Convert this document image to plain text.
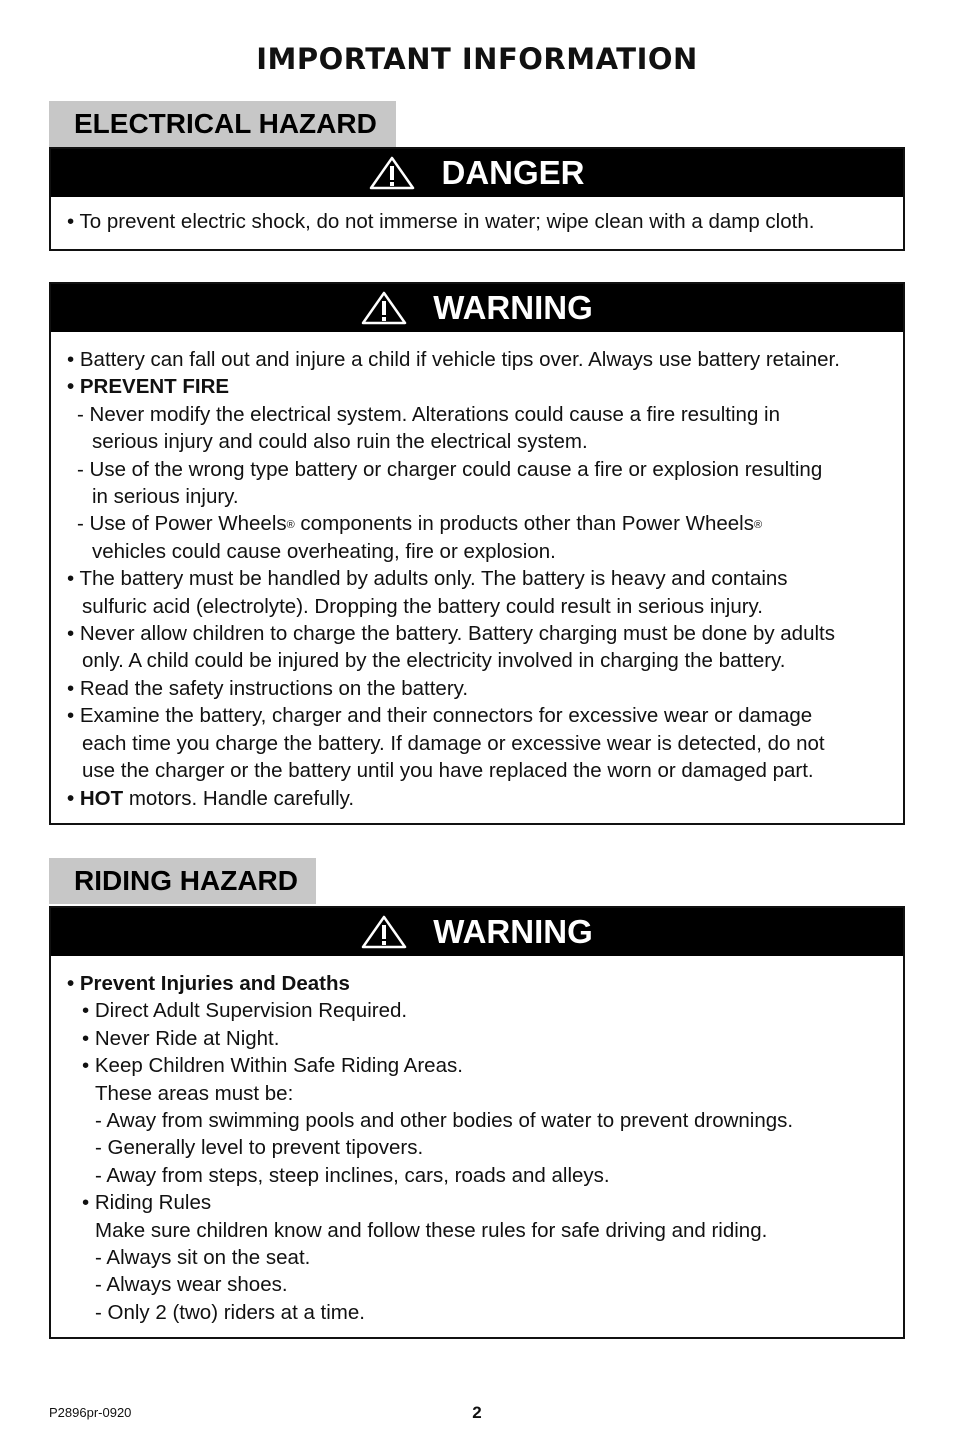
IMPORTANT INFORMATION
ELECTRICAL HAZARD
DANGER
• To prevent electric shock, do not immerse in water; wipe clean with a damp cloth.
WARNING
• Battery can fall out and injure a child if vehicle tips over. Always use battery retainer.
• PREVENT FIRE
- Never modify the electrical system. Alterations could cause a fire resulting in
serious injury and could also ruin the electrical system.
- Use of the wrong type battery or charger could cause a fire or explosion resulting
in serious injury.
- Use of Power Wheels® components in products other than Power Wheels®
vehicles could cause overheating, fire or explosion.
• The battery must be handled by adults only. The battery is heavy and contains
sulfuric acid (electrolyte). Dropping the battery could result in serious injury.
• Never allow children to charge the battery. Battery charging must be done by adults
only. A child could be injured by the electricity involved in charging the battery.
• Read the safety instructions on the battery.
• Examine the battery, charger and their connectors for excessive wear or damage
each time you charge the battery. If damage or excessive wear is detected, do not
use the charger or the battery until you have replaced the worn or damaged part.
• HOT motors. Handle carefully.
RIDING HAZARD
WARNING
• Prevent Injuries and Deaths
• Direct Adult Supervision Required.
• Never Ride at Night.
• Keep Children Within Safe Riding Areas.
These areas must be:
- Away from swimming pools and other bodies of water to prevent drownings.
- Generally level to prevent tipovers.
- Away from steps, steep inclines, cars, roads and alleys.
• Riding Rules
Make sure children know and follow these rules for safe driving and riding.
- Always sit on the seat.
- Always wear shoes.
- Only 2 (two) riders at a time.
P2896pr-0920	2
